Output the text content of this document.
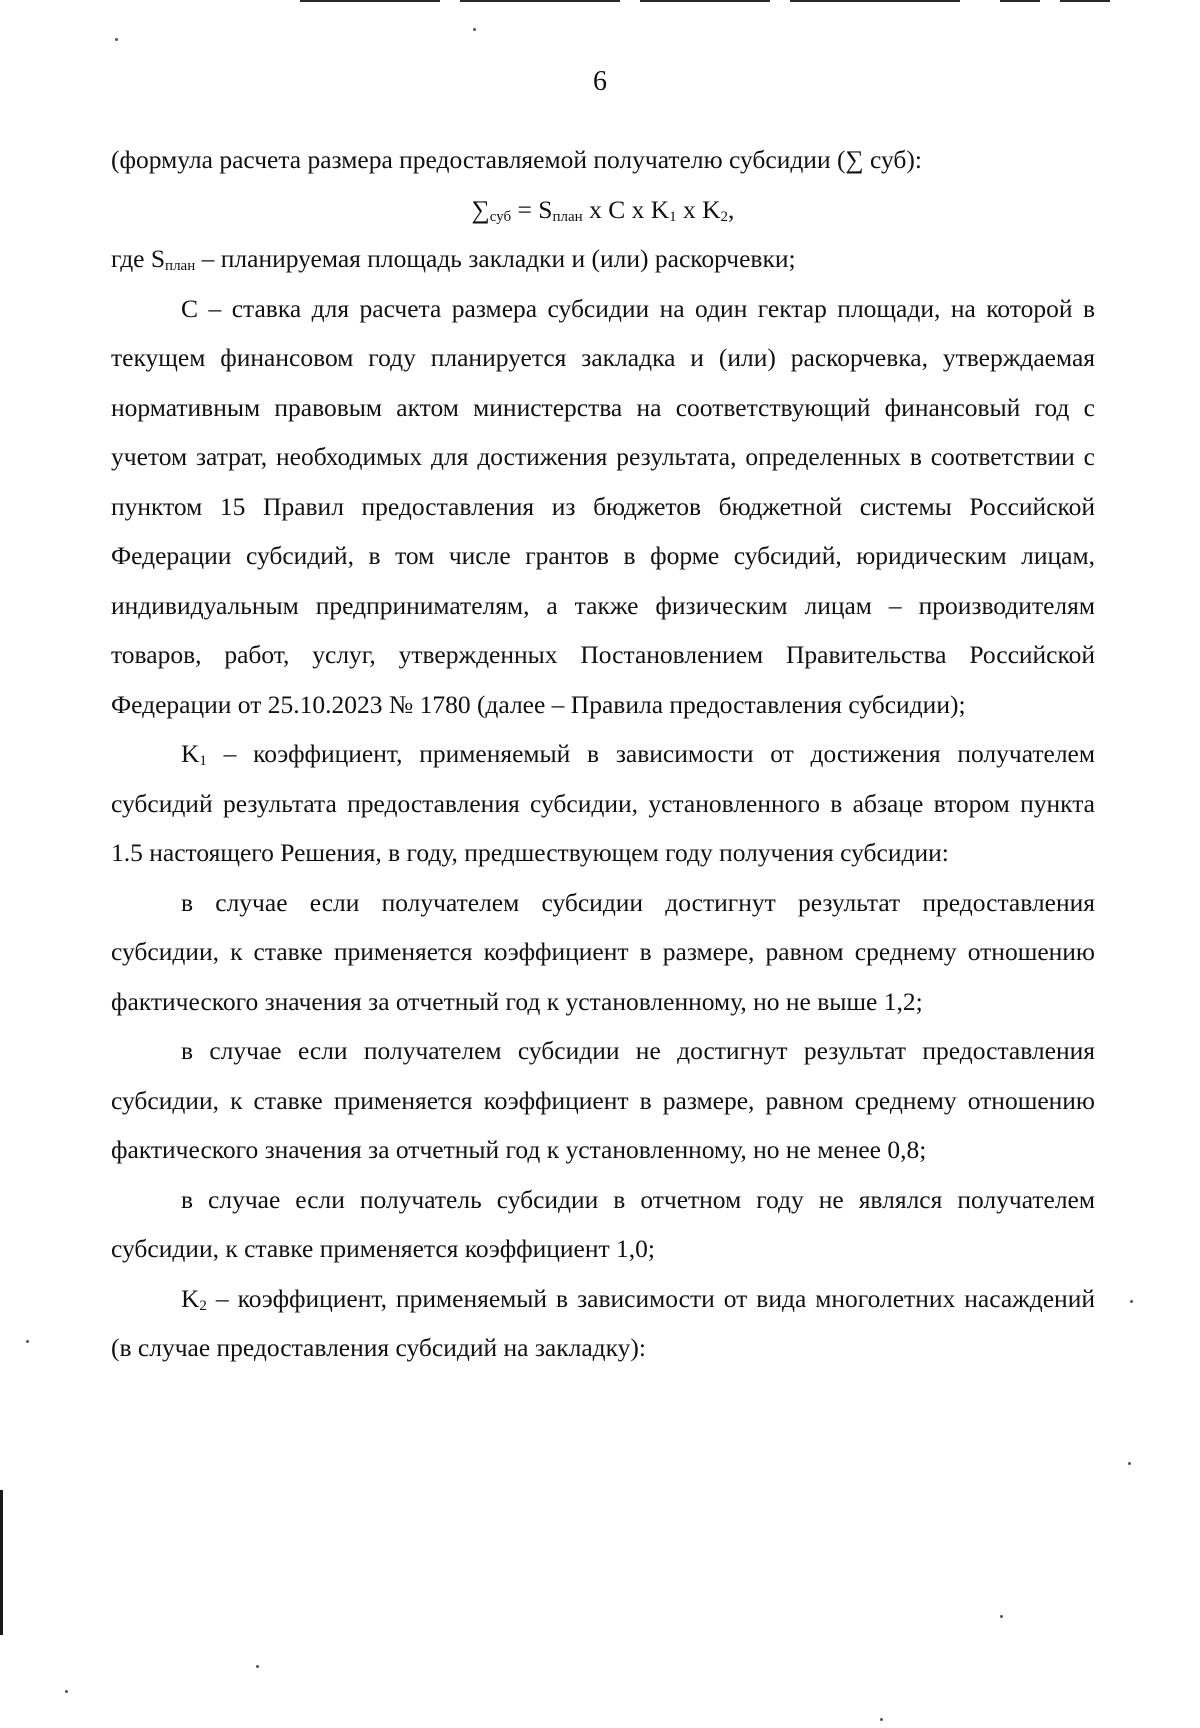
6

(формула расчета размера предоставляемой получателю субсидии (∑ суб):

$\sum_{суб} = S_{план}$ x C x $K_1$ x $K_2$,

где $S_{план}$ – планируемая площадь закладки и (или) раскорчевки;

С – ставка для расчета размера субсидии на один гектар площади, на которой в текущем финансовом году планируется закладка и (или) раскорчевка, утверждаемая нормативным правовым актом министерства на соответствующий финансовый год с учетом затрат, необходимых для достижения результата, определенных в соответствии с пунктом 15 Правил предоставления из бюджетов бюджетной системы Российской Федерации субсидий, в том числе грантов в форме субсидий, юридическим лицам, индивидуальным предпринимателям, а также физическим лицам – производителям товаров, работ, услуг, утвержденных Постановлением Правительства Российской Федерации от 25.10.2023 № 1780 (далее – Правила предоставления субсидии);

$K_1$ – коэффициент, применяемый в зависимости от достижения получателем субсидий результата предоставления субсидии, установленного в абзаце втором пункта 1.5 настоящего Решения, в году, предшествующем году получения субсидии:

в случае если получателем субсидии достигнут результат предоставления субсидии, к ставке применяется коэффициент в размере, равном среднему отношению фактического значения за отчетный год к установленному, но не выше 1,2;

в случае если получателем субсидии не достигнут результат предоставления субсидии, к ставке применяется коэффициент в размере, равном среднему отношению фактического значения за отчетный год к установленному, но не менее 0,8;

в случае если получатель субсидии в отчетном году не являлся получателем субсидии, к ставке применяется коэффициент 1,0;

$K_2$ – коэффициент, применяемый в зависимости от вида многолетних насаждений (в случае предоставления субсидий на закладку):
